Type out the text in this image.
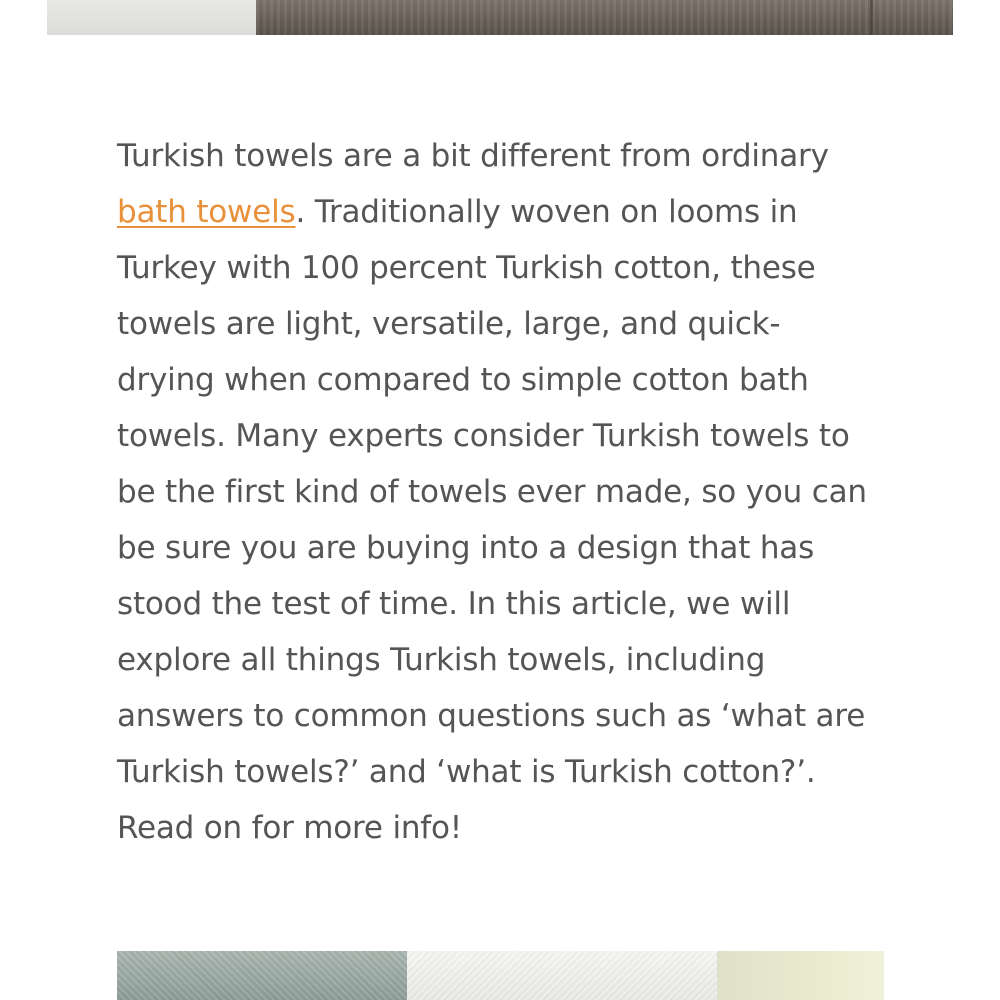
Turkish towels are a bit different from ordinary bath towels. Traditionally woven on looms in Turkey with 100 percent Turkish cotton, these towels are light, versatile, large, and quick-drying when compared to simple cotton bath towels. Many experts consider Turkish towels to be the first kind of towels ever made, so you can be sure you are buying into a design that has stood the test of time. In this article, we will explore all things Turkish towels, including answers to common questions such as ‘what are Turkish towels?’ and ‘what is Turkish cotton?’. Read on for more info!
